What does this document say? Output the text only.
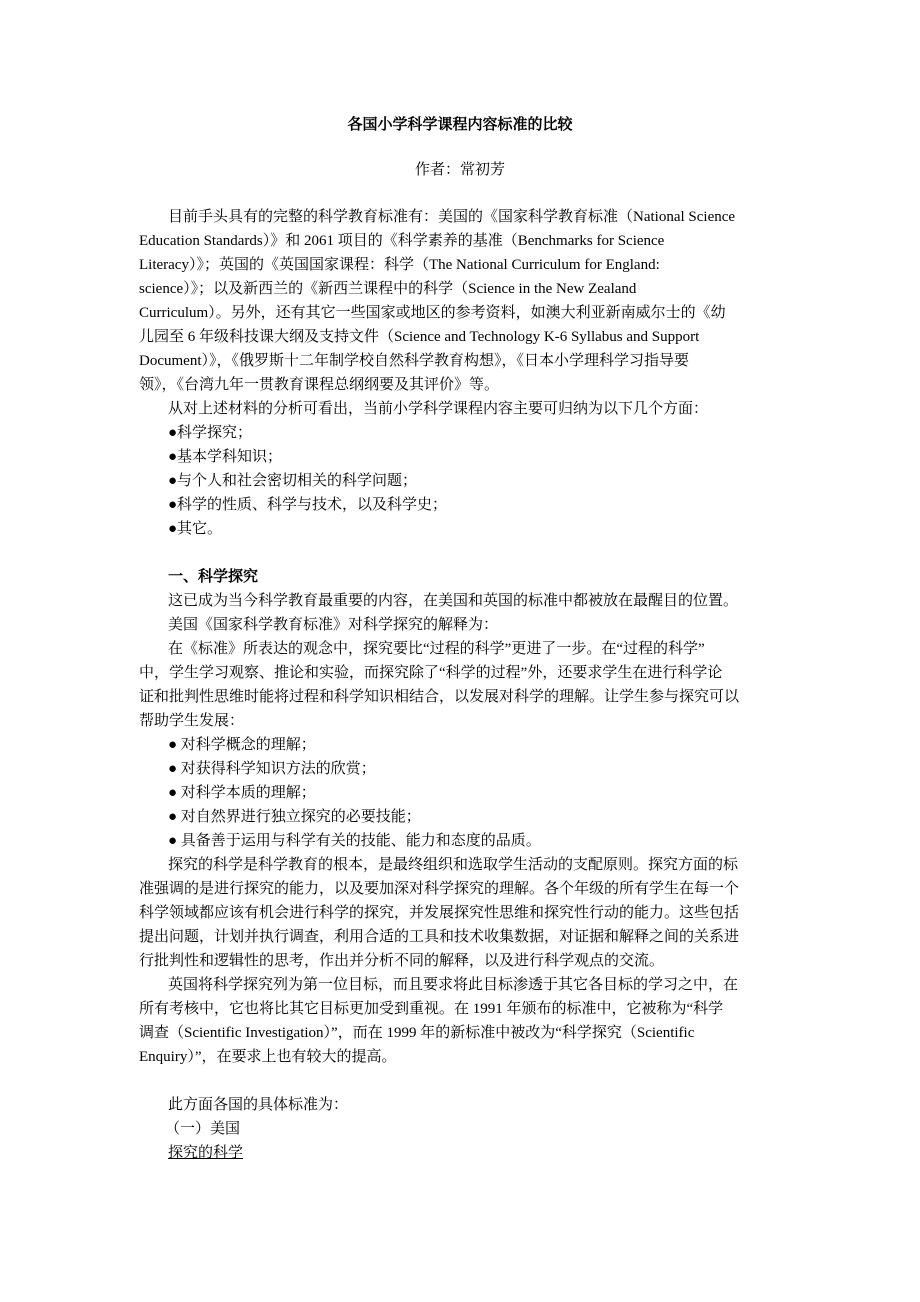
各国小学科学课程内容标准的比较
作者：常初芳
目前手头具有的完整的科学教育标准有：美国的《国家科学教育标准（National Science
Education Standards）》和 2061 项目的《科学素养的基准（Benchmarks for Science
Literacy）》；英国的《英国国家课程：科学（The National Curriculum for England:
science）》；以及新西兰的《新西兰课程中的科学（Science in the New Zealand
Curriculum）。另外，还有其它一些国家或地区的参考资料，如澳大利亚新南威尔士的《幼
儿园至 6 年级科技课大纲及支持文件（Science and Technology K-6 Syllabus and Support
Document）》，《俄罗斯十二年制学校自然科学教育构想》，《日本小学理科学习指导要
领》，《台湾九年一贯教育课程总纲纲要及其评价》等。
从对上述材料的分析可看出，当前小学科学课程内容主要可归纳为以下几个方面：
●科学探究；
●基本学科知识；
●与个人和社会密切相关的科学问题；
●科学的性质、科学与技术，以及科学史；
●其它。
一、科学探究
这已成为当今科学教育最重要的内容，在美国和英国的标准中都被放在最醒目的位置。
美国《国家科学教育标准》对科学探究的解释为：
在《标准》所表达的观念中，探究要比“过程的科学”更进了一步。在“过程的科学”
中，学生学习观察、推论和实验，而探究除了“科学的过程”外，还要求学生在进行科学论
证和批判性思维时能将过程和科学知识相结合，以发展对科学的理解。让学生参与探究可以
帮助学生发展：
● 对科学概念的理解；
● 对获得科学知识方法的欣赏；
● 对科学本质的理解；
● 对自然界进行独立探究的必要技能；
● 具备善于运用与科学有关的技能、能力和态度的品质。
探究的科学是科学教育的根本，是最终组织和选取学生活动的支配原则。探究方面的标
准强调的是进行探究的能力，以及要加深对科学探究的理解。各个年级的所有学生在每一个
科学领域都应该有机会进行科学的探究，并发展探究性思维和探究性行动的能力。这些包括
提出问题，计划并执行调查，利用合适的工具和技术收集数据，对证据和解释之间的关系进
行批判性和逻辑性的思考，作出并分析不同的解释，以及进行科学观点的交流。
英国将科学探究列为第一位目标，而且要求将此目标渗透于其它各目标的学习之中，在
所有考核中，它也将比其它目标更加受到重视。在 1991 年颁布的标准中，它被称为“科学
调查（Scientific Investigation）”，而在 1999 年的新标准中被改为“科学探究（Scientific
Enquiry）”，在要求上也有较大的提高。
此方面各国的具体标准为：
（一）美国
探究的科学
